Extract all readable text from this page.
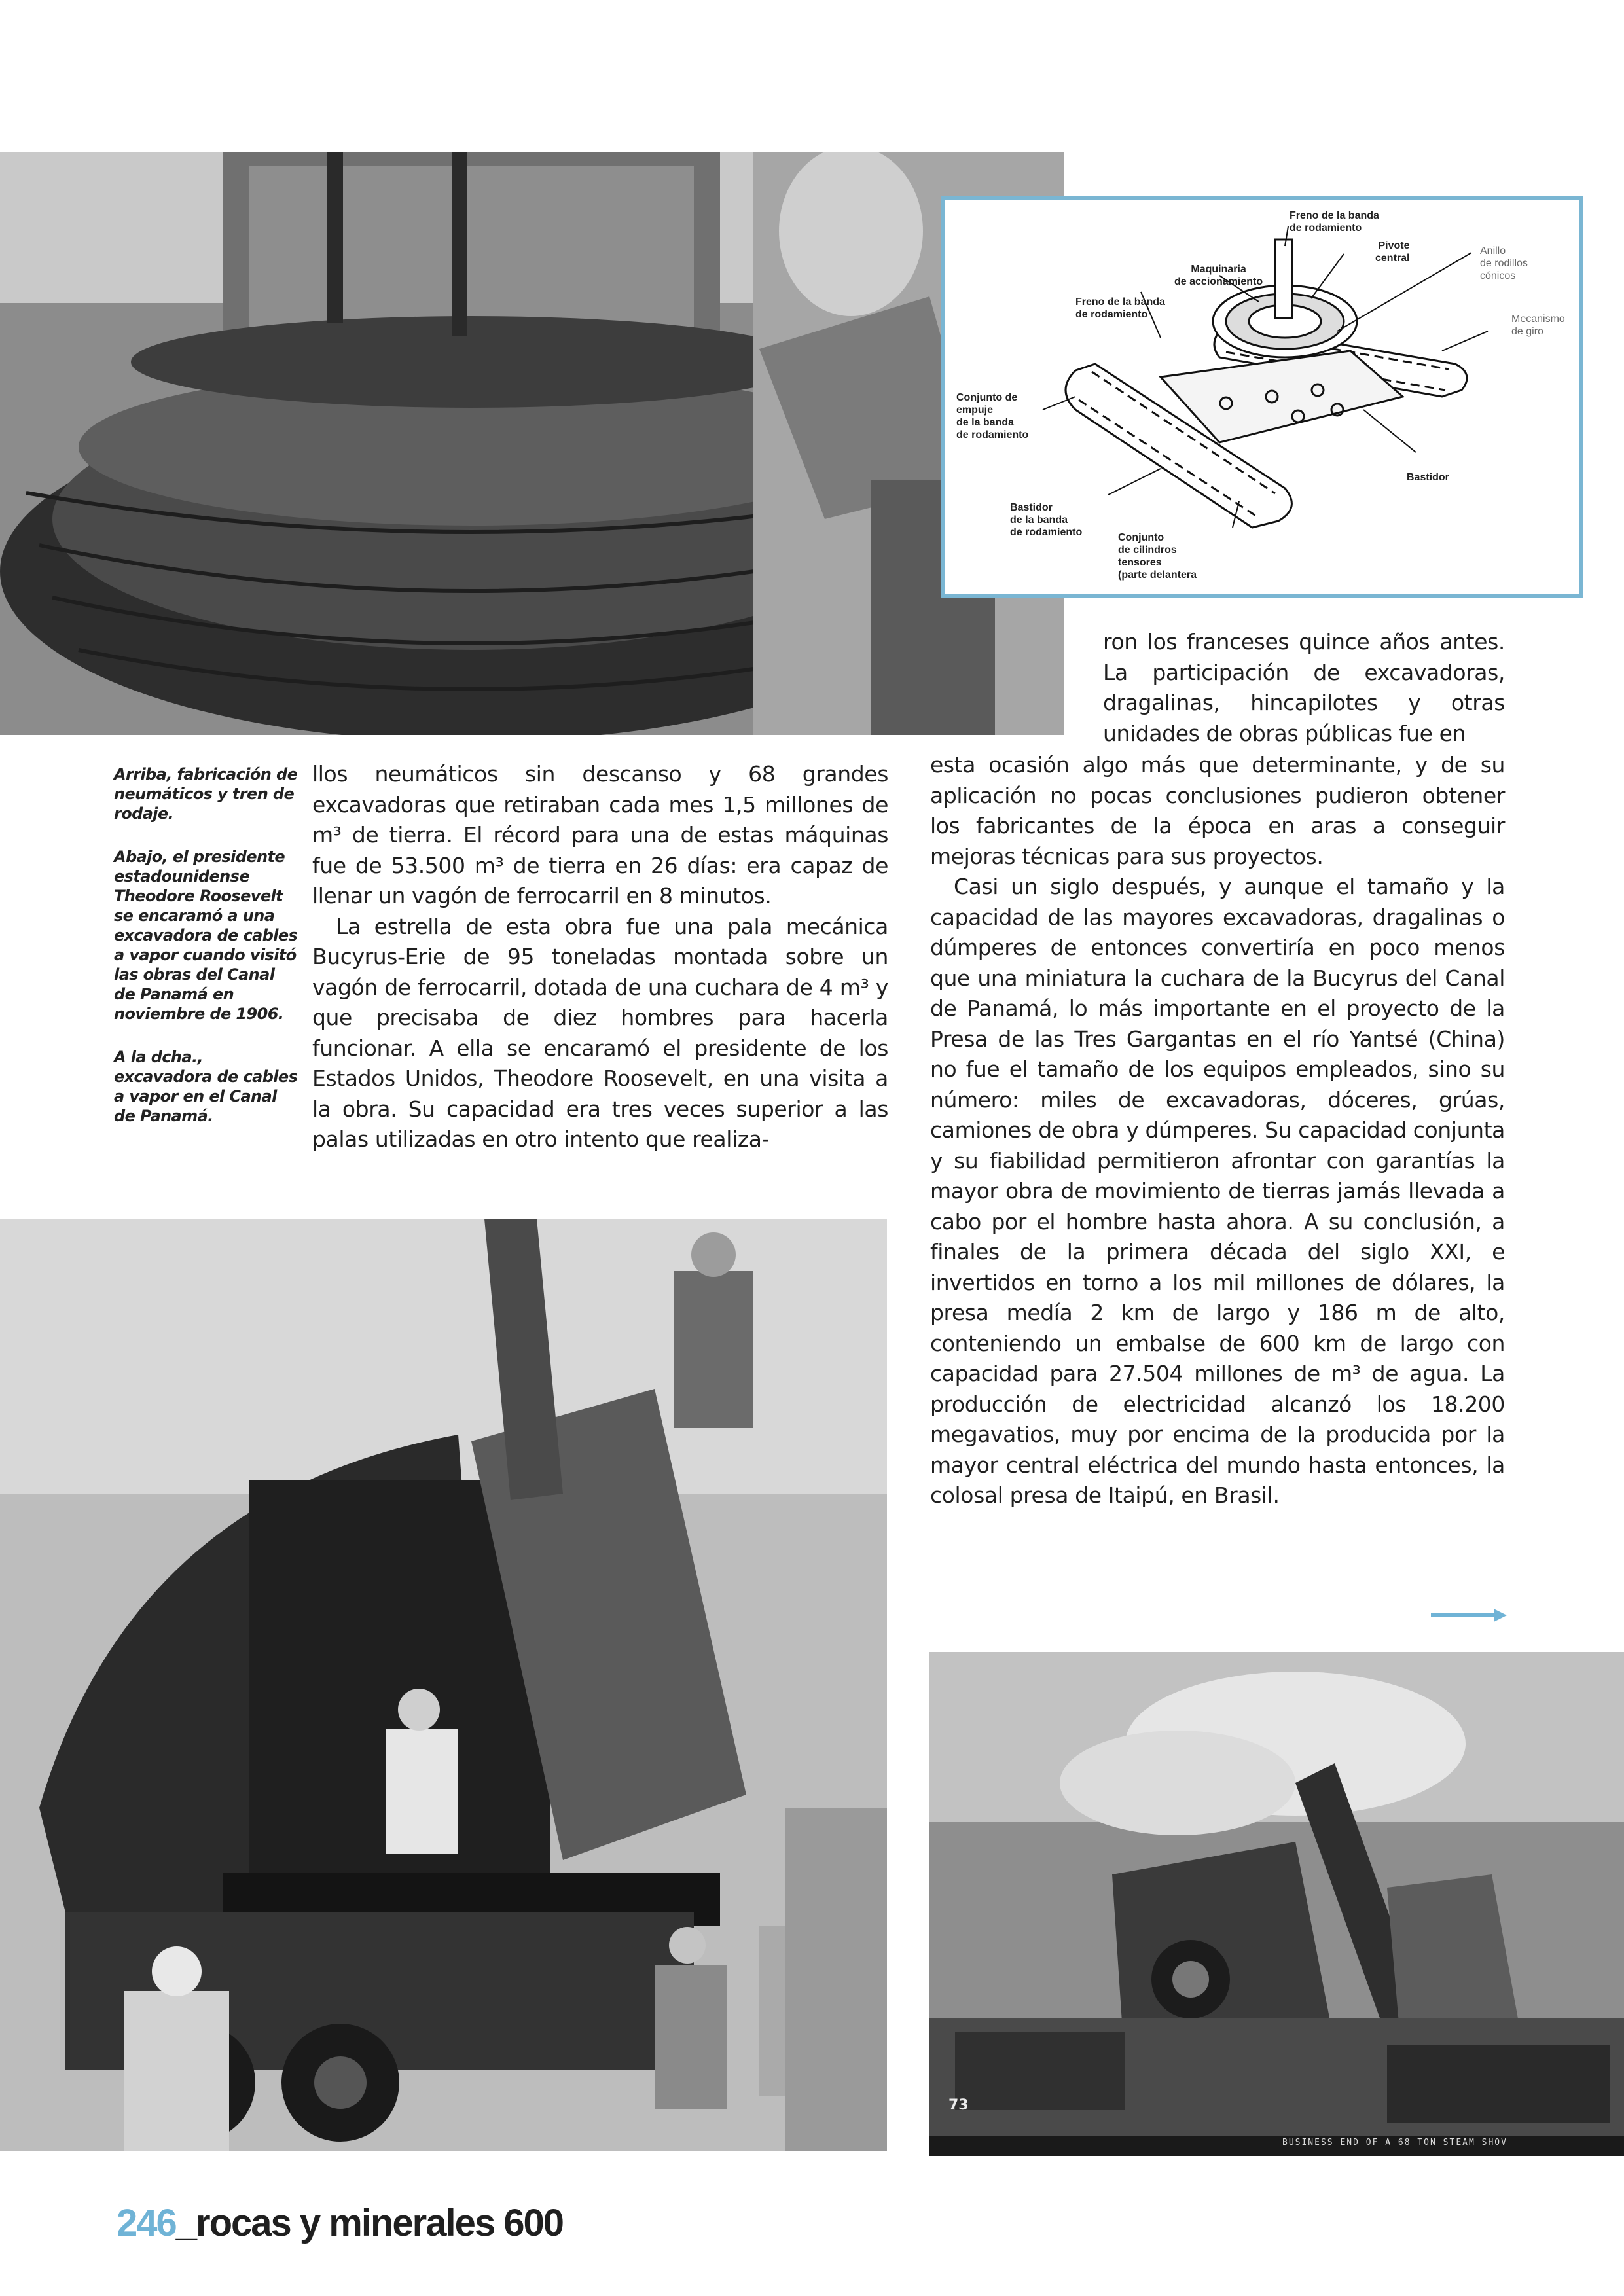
Freno de la banda
de rodamiento
Pivote
central
Anillo
de rodillos
cónicos
Maquinaria
de accionamiento
Freno de la banda
de rodamiento	Mecanismo
de giro
Conjunto de
empuje
de la banda
de rodamiento
Bastidor
Bastidor
de la banda
de rodamiento	Conjunto
de cilindros
tensores
(parte delantera

Arriba, fabricación de neumáticos y tren de rodaje.

Abajo, el presidente estadounidense Theodore Roosevelt se encaramó a una excavadora de cables a vapor cuando visitó las obras del Canal de Panamá en noviembre de 1906.

A la dcha., excavadora de cables a vapor en el Canal de Panamá.

llos neumáticos sin descanso y 68 grandes excavadoras que retiraban cada mes 1,5 millones de m³ de tierra. El récord para una de estas máquinas fue de 53.500 m³ de tierra en 26 días: era capaz de llenar un vagón de ferrocarril en 8 minutos.

La estrella de esta obra fue una pala mecánica Bucyrus-Erie de 95 toneladas montada sobre un vagón de ferrocarril, dotada de una cuchara de 4 m³ y que precisaba de diez hombres para hacerla funcionar. A ella se encaramó el presidente de los Estados Unidos, Theodore Roosevelt, en una visita a la obra. Su capacidad era tres veces superior a las palas utilizadas en otro intento que realiza-

ron los franceses quince años antes. La participación de excavadoras, dragalinas, hincapilotes y otras unidades de obras públicas fue en

esta ocasión algo más que determinante, y de su aplicación no pocas conclusiones pudieron obtener los fabricantes de la época en aras a conseguir mejoras técnicas para sus proyectos.

Casi un siglo después, y aunque el tamaño y la capacidad de las mayores excavadoras, dragalinas o dúmperes de entonces convertiría en poco menos que una miniatura la cuchara de la Bucyrus del Canal de Panamá, lo más importante en el proyecto de la Presa de las Tres Gargantas en el río Yantsé (China) no fue el tamaño de los equipos empleados, sino su número: miles de excavadoras, dóceres, grúas, camiones de obra y dúmperes. Su capacidad conjunta y su fiabilidad permitieron afrontar con garantías la mayor obra de movimiento de tierras jamás llevada a cabo por el hombre hasta ahora. A su conclusión, a finales de la primera década del siglo XXI, e invertidos en torno a los mil millones de dólares, la presa medía 2 km de largo y 186 m de alto, conteniendo un embalse de 600 km de largo con capacidad para 27.504 millones de m³ de agua. La producción de electricidad alcanzó los 18.200 megavatios, muy por encima de la producida por la mayor central eléctrica del mundo hasta entonces, la colosal presa de Itaipú, en Brasil.

73
BUSINESS END OF A 68 TON STEAM SHOV
246_rocas y minerales 600
